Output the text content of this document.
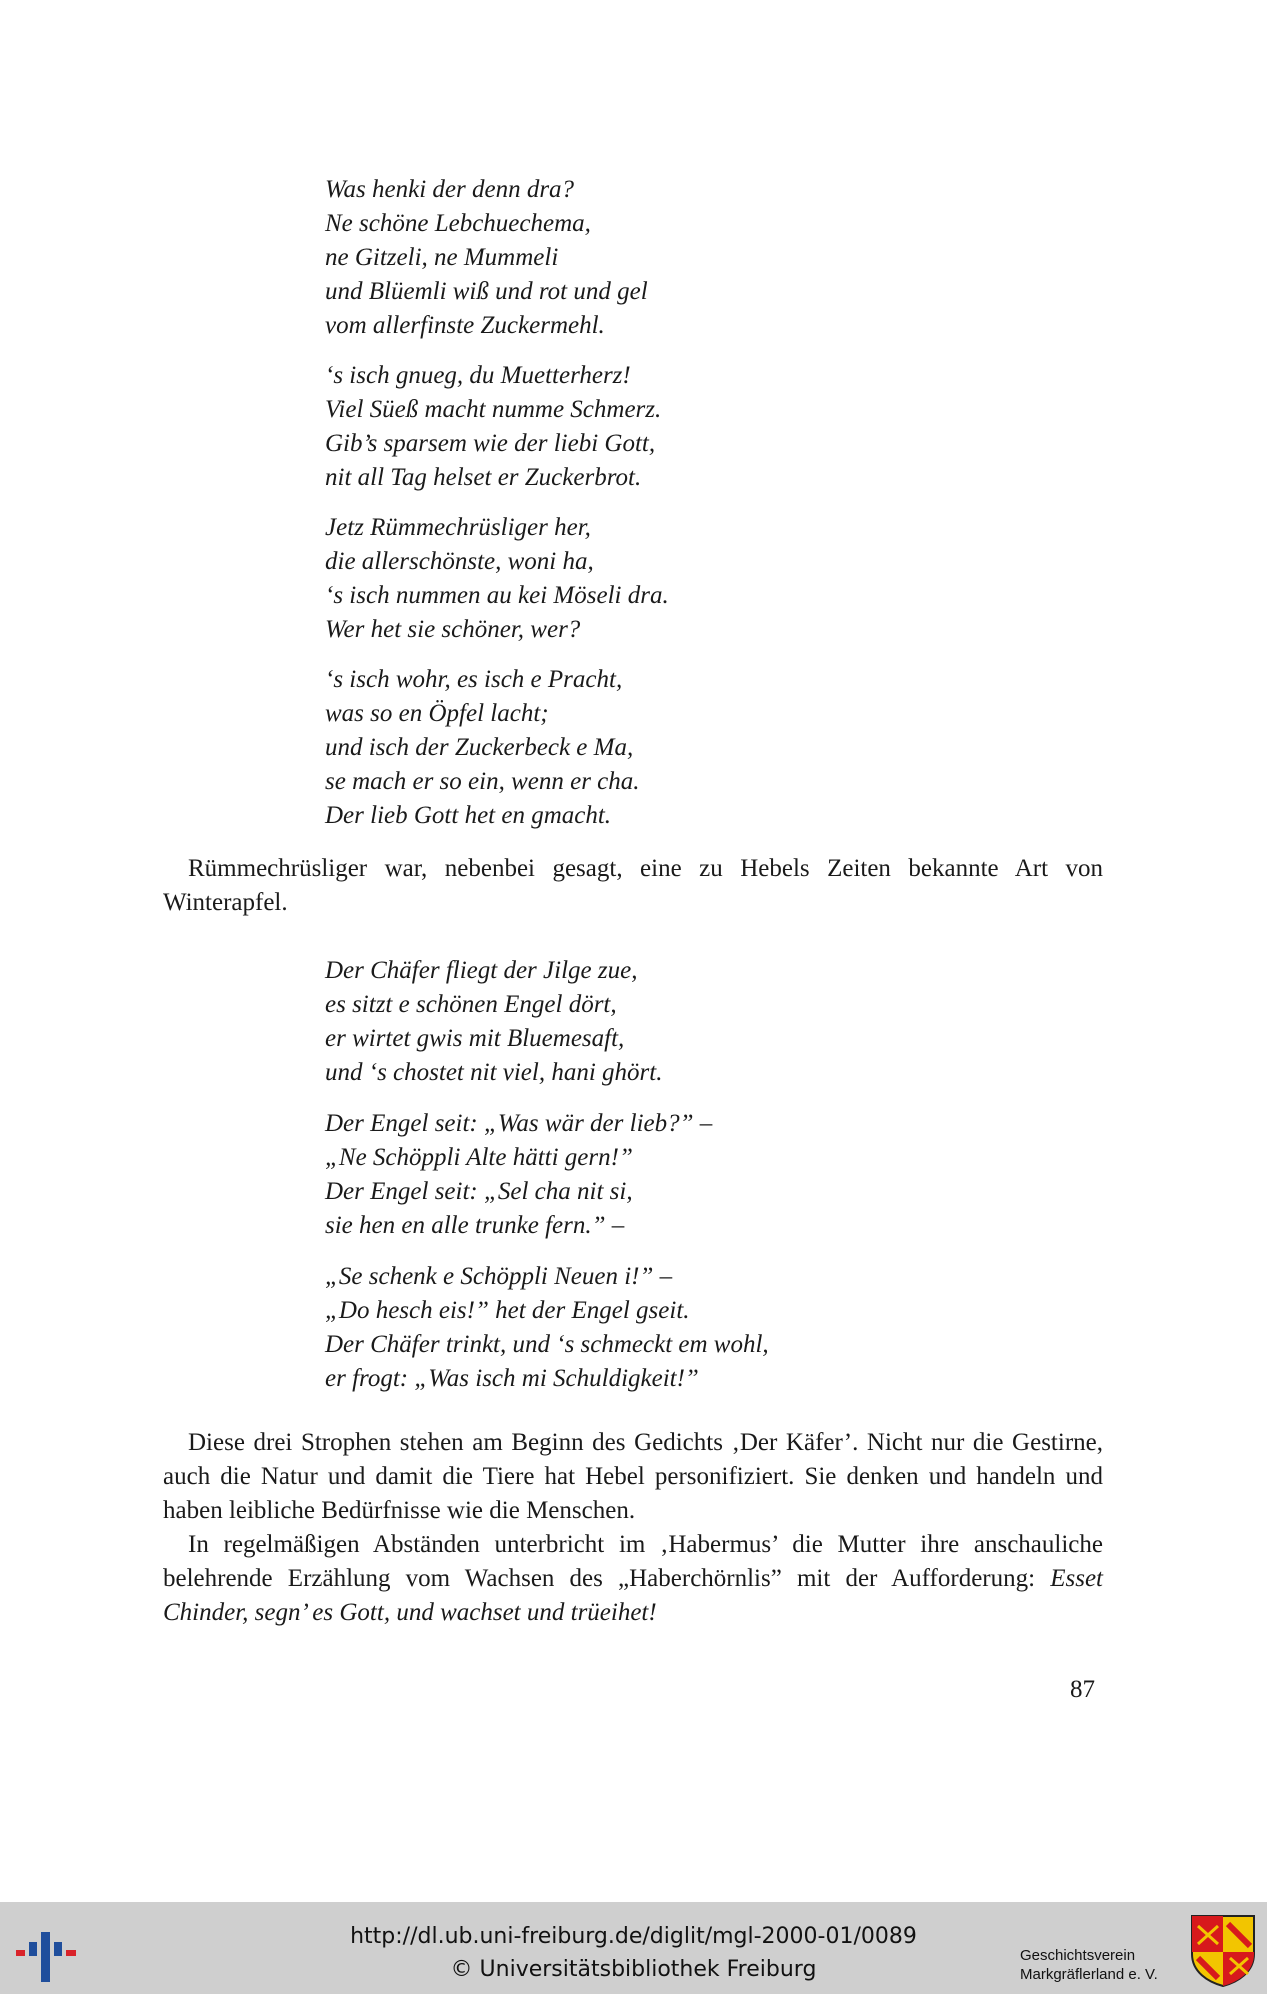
Was henki der denn dra?
Ne schöne Lebchuechema,
ne Gitzeli, ne Mummeli
und Blüemli wiß und rot und gel
vom allerfinste Zuckermehl.
‘s isch gnueg, du Muetterherz!
Viel Süeß macht numme Schmerz.
Gib’s sparsem wie der liebi Gott,
nit all Tag helset er Zuckerbrot.
Jetz Rümmechrüsliger her,
die allerschönste, woni ha,
‘s isch nummen au kei Möseli dra.
Wer het sie schöner, wer?
‘s isch wohr, es isch e Pracht,
was so en Öpfel lacht;
und isch der Zuckerbeck e Ma,
se mach er so ein, wenn er cha.
Der lieb Gott het en gmacht.
Rümmechrüsliger war, nebenbei gesagt, eine zu Hebels Zeiten bekannte Art von Winterapfel.
Der Chäfer fliegt der Jilge zue,
es sitzt e schönen Engel dört,
er wirtet gwis mit Bluemesaft,
und ‘s chostet nit viel, hani ghört.
Der Engel seit: „Was wär der lieb?” –
„Ne Schöppli Alte hätti gern!”
Der Engel seit: „Sel cha nit si,
sie hen en alle trunke fern.” –
„Se schenk e Schöppli Neuen i!” –
„Do hesch eis!” het der Engel gseit.
Der Chäfer trinkt, und ‘s schmeckt em wohl,
er frogt: „Was isch mi Schuldigkeit!”
Diese drei Strophen stehen am Beginn des Gedichts ‚Der Käfer’. Nicht nur die Gestirne, auch die Natur und damit die Tiere hat Hebel personifiziert. Sie denken und handeln und haben leibliche Bedürfnisse wie die Menschen.
In regelmäßigen Abständen unterbricht im ‚Habermus’ die Mutter ihre anschauliche belehrende Erzählung vom Wachsen des „Haberchörnlis” mit der Aufforderung: Esset Chinder, segn’ es Gott, und wachset und trüeihet!
87
http://dl.ub.uni-freiburg.de/diglit/mgl-2000-01/0089
© Universitätsbibliothek Freiburg
Geschichtsverein
Markgräflerland e. V.
